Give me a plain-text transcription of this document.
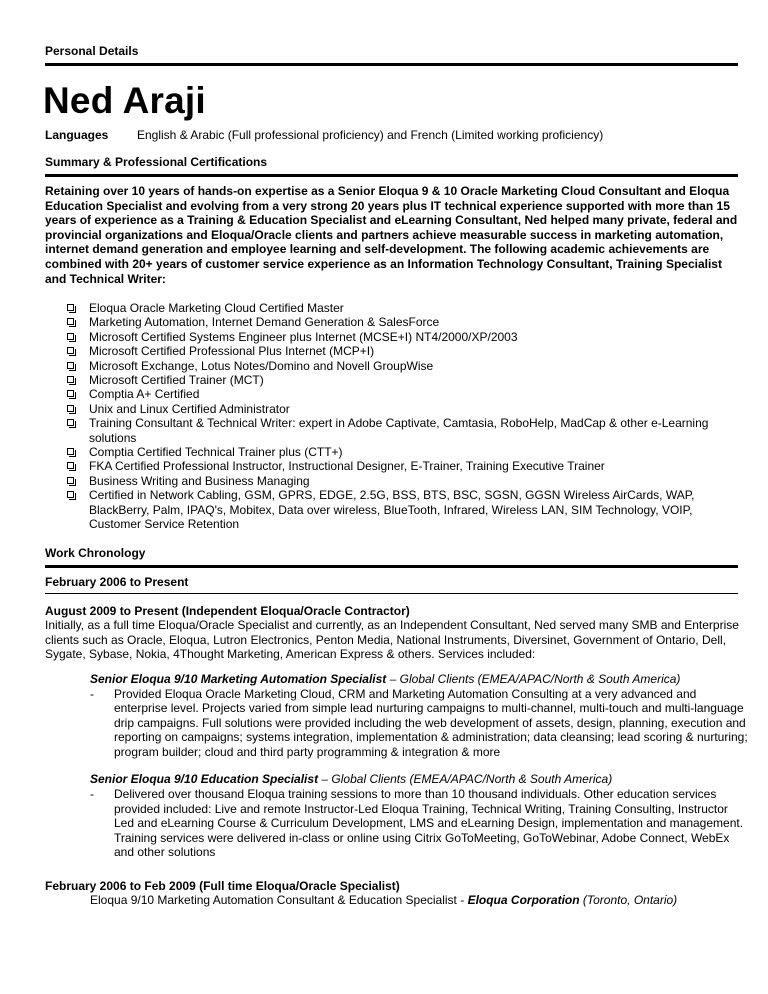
Personal Details
Ned Araji
Languages English & Arabic (Full professional proficiency) and French (Limited working proficiency)
Summary & Professional Certifications
Retaining over 10 years of hands-on expertise as a Senior Eloqua 9 & 10 Oracle Marketing Cloud Consultant and Eloqua Education Specialist and evolving from a very strong 20 years plus IT technical experience supported with more than 15 years of experience as a Training & Education Specialist and eLearning Consultant, Ned helped many private, federal and provincial organizations and Eloqua/Oracle clients and partners achieve measurable success in marketing automation, internet demand generation and employee learning and self-development. The following academic achievements are combined with 20+ years of customer service experience as an Information Technology Consultant, Training Specialist and Technical Writer:
Eloqua Oracle Marketing Cloud Certified Master
Marketing Automation, Internet Demand Generation & SalesForce
Microsoft Certified Systems Engineer plus Internet (MCSE+I) NT4/2000/XP/2003
Microsoft Certified Professional Plus Internet (MCP+I)
Microsoft Exchange, Lotus Notes/Domino and Novell GroupWise
Microsoft Certified Trainer (MCT)
Comptia A+ Certified
Unix and Linux Certified Administrator
Training Consultant & Technical Writer: expert in Adobe Captivate, Camtasia, RoboHelp, MadCap & other e-Learning solutions
Comptia Certified Technical Trainer plus (CTT+)
FKA Certified Professional Instructor, Instructional Designer, E-Trainer, Training Executive Trainer
Business Writing and Business Managing
Certified in Network Cabling, GSM, GPRS, EDGE, 2.5G, BSS, BTS, BSC, SGSN, GGSN Wireless AirCards, WAP, BlackBerry, Palm, IPAQ's, Mobitex, Data over wireless, BlueTooth, Infrared, Wireless LAN, SIM Technology, VOIP, Customer Service Retention
Work Chronology
February 2006 to Present
August 2009 to Present (Independent Eloqua/Oracle Contractor)
Initially, as a full time Eloqua/Oracle Specialist and currently, as an Independent Consultant, Ned served many SMB and Enterprise clients such as Oracle, Eloqua, Lutron Electronics, Penton Media, National Instruments, Diversinet, Government of Ontario, Dell, Sygate, Sybase, Nokia, 4Thought Marketing, American Express & others. Services included:
Senior Eloqua 9/10 Marketing Automation Specialist – Global Clients (EMEA/APAC/North & South America)
- Provided Eloqua Oracle Marketing Cloud, CRM and Marketing Automation Consulting at a very advanced and enterprise level. Projects varied from simple lead nurturing campaigns to multi-channel, multi-touch and multi-language drip campaigns. Full solutions were provided including the web development of assets, design, planning, execution and reporting on campaigns; systems integration, implementation & administration; data cleansing; lead scoring & nurturing; program builder; cloud and third party programming & integration & more
Senior Eloqua 9/10 Education Specialist – Global Clients (EMEA/APAC/North & South America)
- Delivered over thousand Eloqua training sessions to more than 10 thousand individuals. Other education services provided included: Live and remote Instructor-Led Eloqua Training, Technical Writing, Training Consulting, Instructor Led and eLearning Course & Curriculum Development, LMS and eLearning Design, implementation and management. Training services were delivered in-class or online using Citrix GoToMeeting, GoToWebinar, Adobe Connect, WebEx and other solutions
February 2006 to Feb 2009 (Full time Eloqua/Oracle Specialist)
Eloqua 9/10 Marketing Automation Consultant & Education Specialist - Eloqua Corporation (Toronto, Ontario)
